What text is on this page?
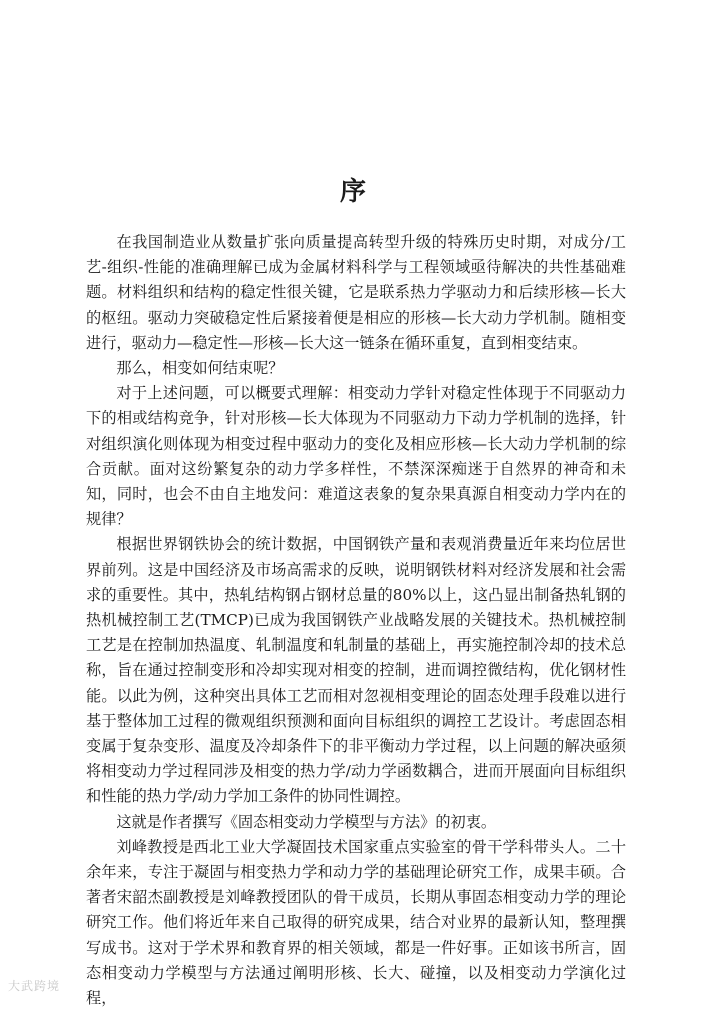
序

在我国制造业从数量扩张向质量提高转型升级的特殊历史时期，对成分/工艺-组织-性能的准确理解已成为金属材料科学与工程领域亟待解决的共性基础难题。材料组织和结构的稳定性很关键，它是联系热力学驱动力和后续形核—长大的枢纽。驱动力突破稳定性后紧接着便是相应的形核—长大动力学机制。随相变进行，驱动力—稳定性—形核—长大这一链条在循环重复，直到相变结束。

那么，相变如何结束呢？

对于上述问题，可以概要式理解：相变动力学针对稳定性体现于不同驱动力下的相或结构竞争，针对形核—长大体现为不同驱动力下动力学机制的选择，针对组织演化则体现为相变过程中驱动力的变化及相应形核—长大动力学机制的综合贡献。面对这纷繁复杂的动力学多样性，不禁深深痴迷于自然界的神奇和未知，同时，也会不由自主地发问：难道这表象的复杂果真源自相变动力学内在的规律？

根据世界钢铁协会的统计数据，中国钢铁产量和表观消费量近年来均位居世界前列。这是中国经济及市场高需求的反映，说明钢铁材料对经济发展和社会需求的重要性。其中，热轧结构钢占钢材总量的80%以上，这凸显出制备热轧钢的热机械控制工艺(TMCP)已成为我国钢铁产业战略发展的关键技术。热机械控制工艺是在控制加热温度、轧制温度和轧制量的基础上，再实施控制冷却的技术总称，旨在通过控制变形和冷却实现对相变的控制，进而调控微结构，优化钢材性能。以此为例，这种突出具体工艺而相对忽视相变理论的固态处理手段难以进行基于整体加工过程的微观组织预测和面向目标组织的调控工艺设计。考虑固态相变属于复杂变形、温度及冷却条件下的非平衡动力学过程，以上问题的解决亟须将相变动力学过程同涉及相变的热力学/动力学函数耦合，进而开展面向目标组织和性能的热力学/动力学加工条件的协同性调控。

这就是作者撰写《固态相变动力学模型与方法》的初衷。

刘峰教授是西北工业大学凝固技术国家重点实验室的骨干学科带头人。二十余年来，专注于凝固与相变热力学和动力学的基础理论研究工作，成果丰硕。合著者宋韶杰副教授是刘峰教授团队的骨干成员，长期从事固态相变动力学的理论研究工作。他们将近年来自己取得的研究成果，结合对业界的最新认知，整理撰写成书。这对于学术界和教育界的相关领域，都是一件好事。正如该书所言，固态相变动力学模型与方法通过阐明形核、长大、碰撞，以及相变动力学演化过程，

大武跨境
